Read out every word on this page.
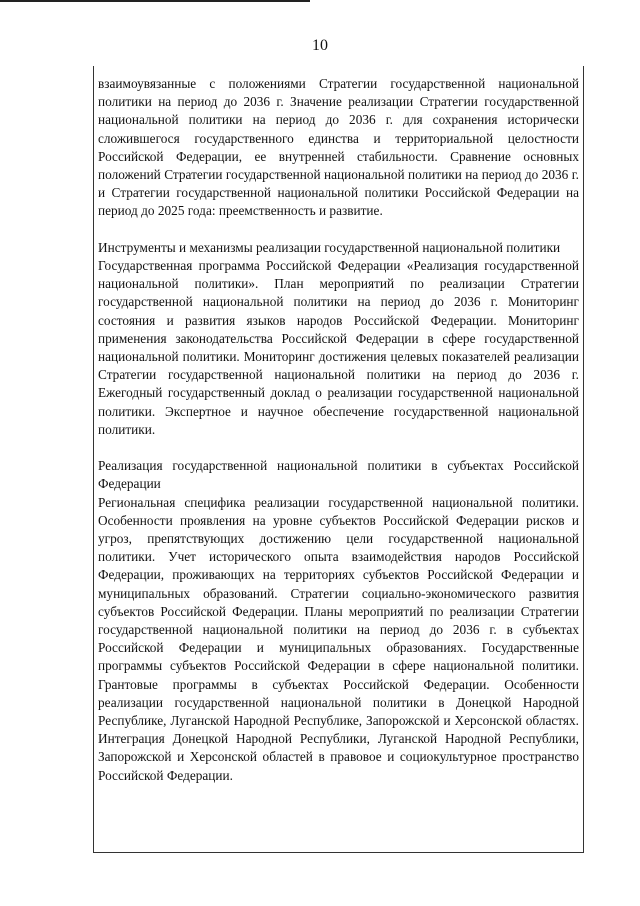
10

взаимоувязанные с положениями Стратегии государственной национальной политики на период до 2036 г. Значение реализации Стратегии государственной национальной политики на период до 2036 г. для сохранения исторически сложившегося государственного единства и территориальной целостности Российской Федерации, ее внутренней стабильности. Сравнение основных положений Стратегии государственной национальной политики на период до 2036 г. и Стратегии государственной национальной политики Российской Федерации на период до 2025 года: преемственность и развитие.

Инструменты и механизмы реализации государственной национальной политики

Государственная программа Российской Федерации «Реализация государственной национальной политики». План мероприятий по реализации Стратегии государственной национальной политики на период до 2036 г. Мониторинг состояния и развития языков народов Российской Федерации. Мониторинг применения законодательства Российской Федерации в сфере государственной национальной политики. Мониторинг достижения целевых показателей реализации Стратегии государственной национальной политики на период до 2036 г. Ежегодный государственный доклад о реализации государственной национальной политики. Экспертное и научное обеспечение государственной национальной политики.

Реализация государственной национальной политики в субъектах Российской Федерации

Региональная специфика реализации государственной национальной политики. Особенности проявления на уровне субъектов Российской Федерации рисков и угроз, препятствующих достижению цели государственной национальной политики. Учет исторического опыта взаимодействия народов Российской Федерации, проживающих на территориях субъектов Российской Федерации и муниципальных образований. Стратегии социально-экономического развития субъектов Российской Федерации. Планы мероприятий по реализации Стратегии государственной национальной политики на период до 2036 г. в субъектах Российской Федерации и муниципальных образованиях. Государственные программы субъектов Российской Федерации в сфере национальной политики. Грантовые программы в субъектах Российской Федерации. Особенности реализации государственной национальной политики в Донецкой Народной Республике, Луганской Народной Республике, Запорожской и Херсонской областях. Интеграция Донецкой Народной Республики, Луганской Народной Республики, Запорожской и Херсонской областей в правовое и социокультурное пространство Российской Федерации.
